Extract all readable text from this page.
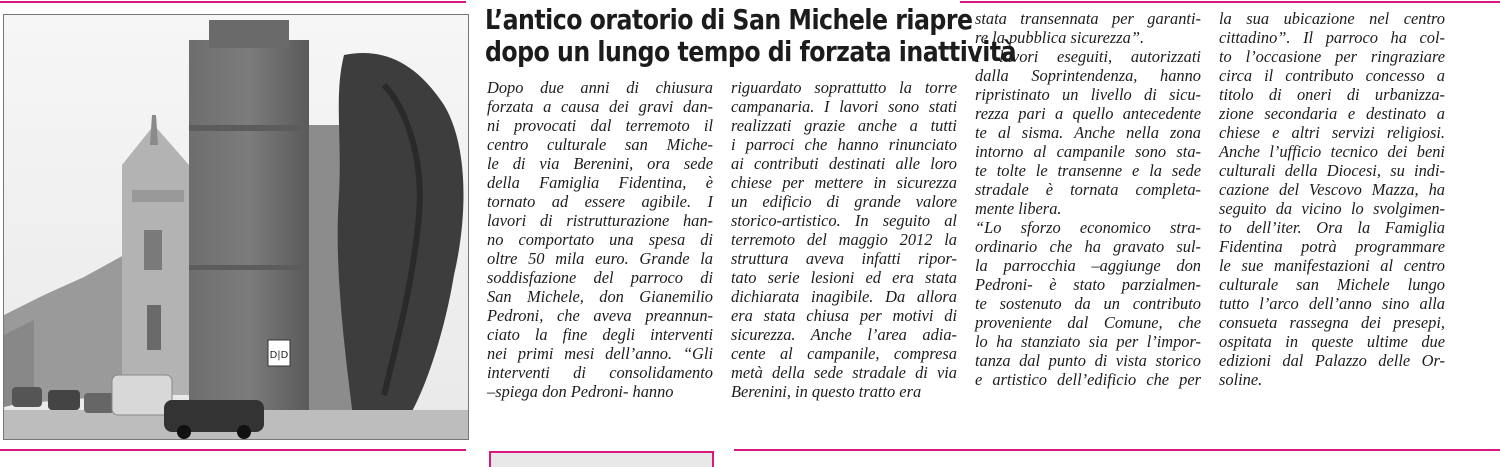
D|D
L’antico oratorio di San Michele riapre
dopo un lungo tempo di forzata inattività
Dopo due anni di chiusura
forzata a causa dei gravi dan-
ni provocati dal terremoto il
centro culturale san Miche-
le di via Berenini, ora sede
della Famiglia Fidentina, è
tornato ad essere agibile. I
lavori di ristrutturazione han-
no comportato una spesa di
oltre 50 mila euro. Grande la
soddisfazione del parroco di
San Michele, don Gianemilio
Pedroni, che aveva preannun-
ciato la fine degli interventi
nei primi mesi dell’anno. “Gli
interventi di consolidamento
–spiega don Pedroni- hanno
riguardato soprattutto la torre
campanaria. I lavori sono stati
realizzati grazie anche a tutti
i parroci che hanno rinunciato
ai contributi destinati alle loro
chiese per mettere in sicurezza
un edificio di grande valore
storico-artistico. In seguito al
terremoto del maggio 2012 la
struttura aveva infatti ripor-
tato serie lesioni ed era stata
dichiarata inagibile. Da allora
era stata chiusa per motivi di
sicurezza. Anche l’area adia-
cente al campanile, compresa
metà della sede stradale di via
Berenini, in questo tratto era
stata transennata per garanti-
re la pubblica sicurezza”.
I lavori eseguiti, autorizzati
dalla Soprintendenza, hanno
ripristinato un livello di sicu-
rezza pari a quello antecedente
te al sisma. Anche nella zona
intorno al campanile sono sta-
te tolte le transenne e la sede
stradale è tornata completa-
mente libera.
“Lo sforzo economico stra-
ordinario che ha gravato sul-
la parrocchia –aggiunge don
Pedroni- è stato parzialmen-
te sostenuto da un contributo
proveniente dal Comune, che
lo ha stanziato sia per l’impor-
tanza dal punto di vista storico
e artistico dell’edificio che per
la sua ubicazione nel centro
cittadino”. Il parroco ha col-
to l’occasione per ringraziare
circa il contributo concesso a
titolo di oneri di urbanizza-
zione secondaria e destinato a
chiese e altri servizi religiosi.
Anche l’ufficio tecnico dei beni
culturali della Diocesi, su indi-
cazione del Vescovo Mazza, ha
seguito da vicino lo svolgimen-
to dell’iter. Ora la Famiglia
Fidentina potrà programmare
le sue manifestazioni al centro
culturale san Michele lungo
tutto l’arco dell’anno sino alla
consueta rassegna dei presepi,
ospitata in queste ultime due
edizioni dal Palazzo delle Or-
soline.
